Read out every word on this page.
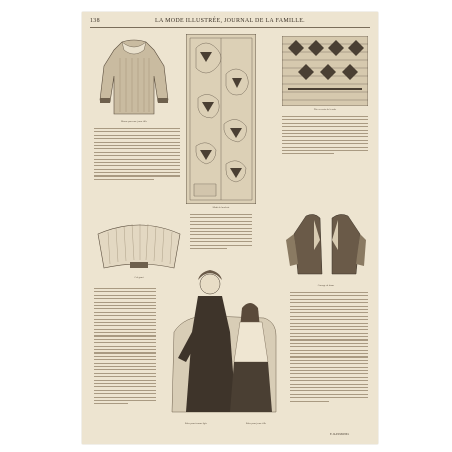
138	LA MODE ILLUSTRÉE, JOURNAL DE LA FAMILLE.
Blouse pour une jeune fille
Motif de broderie
Fête en croix de la robe
Col garni
Corsage de dame
Robe pour femme âgée	Robe pour jeune fille
E. RAYMOND.
